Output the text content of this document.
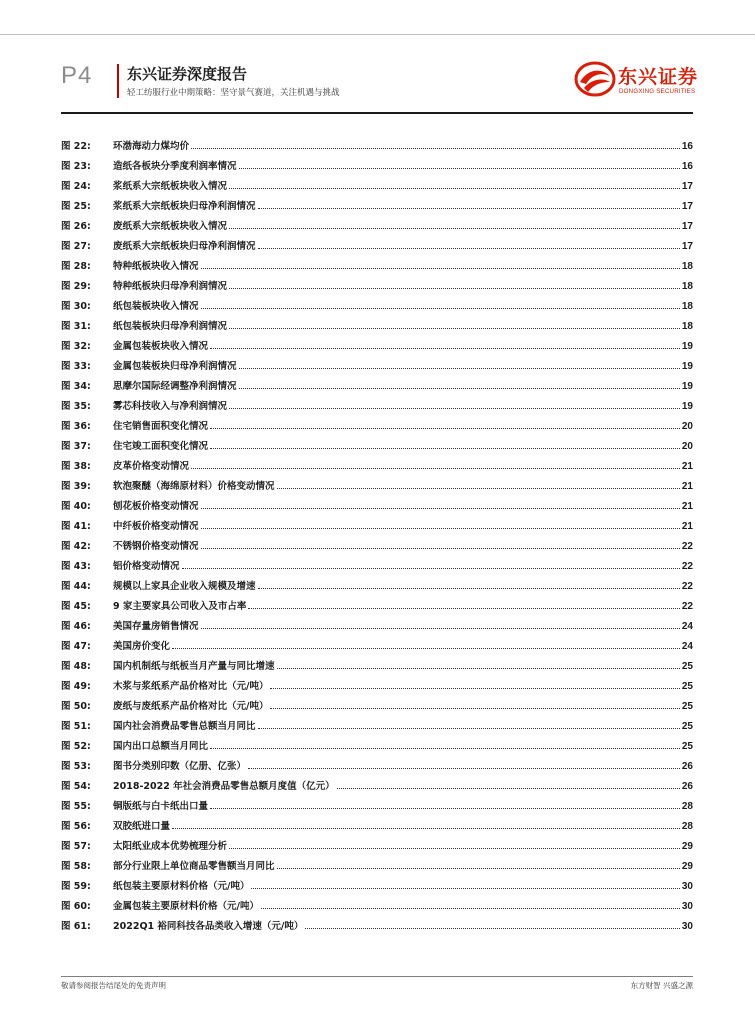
P4 东兴证券深度报告
轻工纺服行业中期策略：坚守景气赛道，关注机遇与挑战
东兴证券
DONGXING SECURITIES
图 22:	环渤海动力煤均价	16
图 23:	造纸各板块分季度利润率情况	16
图 24:	浆纸系大宗纸板块收入情况	17
图 25:	浆纸系大宗纸板块归母净利润情况	17
图 26:	废纸系大宗纸板块收入情况	17
图 27:	废纸系大宗纸板块归母净利润情况	17
图 28:	特种纸板块收入情况	18
图 29:	特种纸板块归母净利润情况	18
图 30:	纸包装板块收入情况	18
图 31:	纸包装板块归母净利润情况	18
图 32:	金属包装板块收入情况	19
图 33:	金属包装板块归母净利润情况	19
图 34:	思摩尔国际经调整净利润情况	19
图 35:	雾芯科技收入与净利润情况	19
图 36:	住宅销售面积变化情况	20
图 37:	住宅竣工面积变化情况	20
图 38:	皮革价格变动情况	21
图 39:	软泡聚醚（海绵原材料）价格变动情况	21
图 40:	刨花板价格变动情况	21
图 41:	中纤板价格变动情况	21
图 42:	不锈钢价格变动情况	22
图 43:	铝价格变动情况	22
图 44:	规模以上家具企业收入规模及增速	22
图 45:	9 家主要家具公司收入及市占率	22
图 46:	美国存量房销售情况	24
图 47:	美国房价变化	24
图 48:	国内机制纸与纸板当月产量与同比增速	25
图 49:	木浆与浆纸系产品价格对比（元/吨）	25
图 50:	废纸与废纸系产品价格对比（元/吨）	25
图 51:	国内社会消费品零售总额当月同比	25
图 52:	国内出口总额当月同比	25
图 53:	图书分类别印数（亿册、亿张）	26
图 54:	2018-2022 年社会消费品零售总额月度值（亿元）	26
图 55:	铜版纸与白卡纸出口量	28
图 56:	双胶纸进口量	28
图 57:	太阳纸业成本优势梳理分析	29
图 58:	部分行业限上单位商品零售额当月同比	29
图 59:	纸包装主要原材料价格（元/吨）	30
图 60:	金属包装主要原材料价格（元/吨）	30
图 61:	2022Q1 裕同科技各品类收入增速（元/吨）	30
敬请参阅报告结尾处的免责声明	东方财智 兴盛之源
